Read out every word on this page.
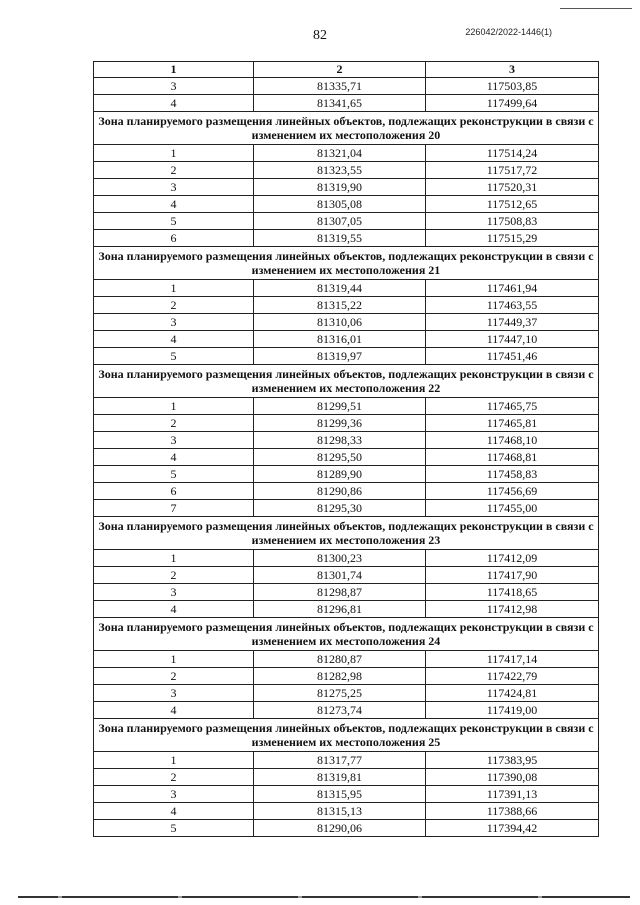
82	226042/2022-1446(1)
1	2	3
3	81335,71	117503,85
4	81341,65	117499,64
Зона планируемого размещения линейных объектов, подлежащих реконструкции в связи с изменением их местоположения 20		
1	81321,04	117514,24
2	81323,55	117517,72
3	81319,90	117520,31
4	81305,08	117512,65
5	81307,05	117508,83
6	81319,55	117515,29
Зона планируемого размещения линейных объектов, подлежащих реконструкции в связи с изменением их местоположения 21		
1	81319,44	117461,94
2	81315,22	117463,55
3	81310,06	117449,37
4	81316,01	117447,10
5	81319,97	117451,46
Зона планируемого размещения линейных объектов, подлежащих реконструкции в связи с изменением их местоположения 22		
1	81299,51	117465,75
2	81299,36	117465,81
3	81298,33	117468,10
4	81295,50	117468,81
5	81289,90	117458,83
6	81290,86	117456,69
7	81295,30	117455,00
Зона планируемого размещения линейных объектов, подлежащих реконструкции в связи с изменением их местоположения 23		
1	81300,23	117412,09
2	81301,74	117417,90
3	81298,87	117418,65
4	81296,81	117412,98
Зона планируемого размещения линейных объектов, подлежащих реконструкции в связи с изменением их местоположения 24		
1	81280,87	117417,14
2	81282,98	117422,79
3	81275,25	117424,81
4	81273,74	117419,00
Зона планируемого размещения линейных объектов, подлежащих реконструкции в связи с изменением их местоположения 25		
1	81317,77	117383,95
2	81319,81	117390,08
3	81315,95	117391,13
4	81315,13	117388,66
5	81290,06	117394,42
